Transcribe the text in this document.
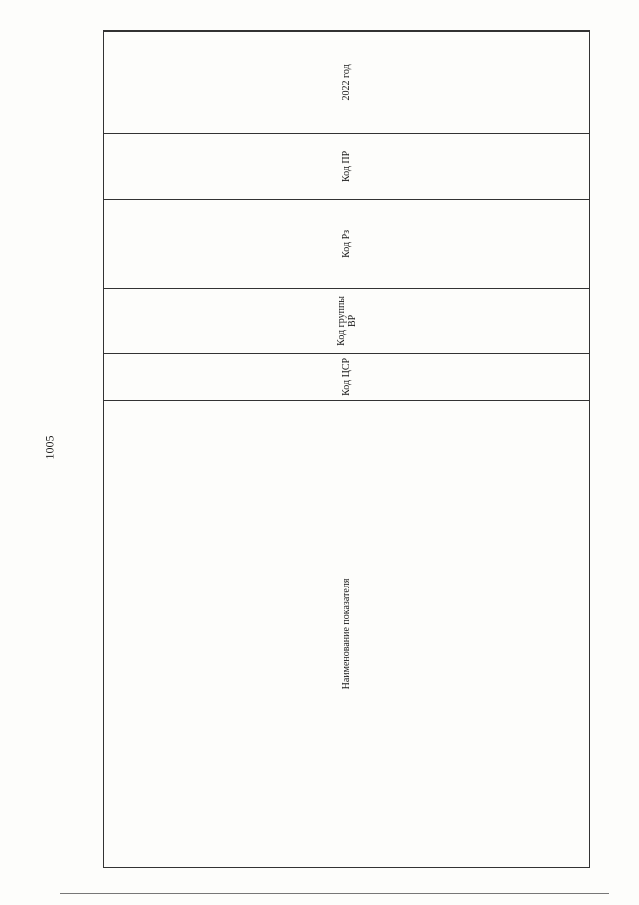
1005
Наименование показателя	Код ЦСР	Код группы ВР	Код Рз	Код ПР	2022 год	
